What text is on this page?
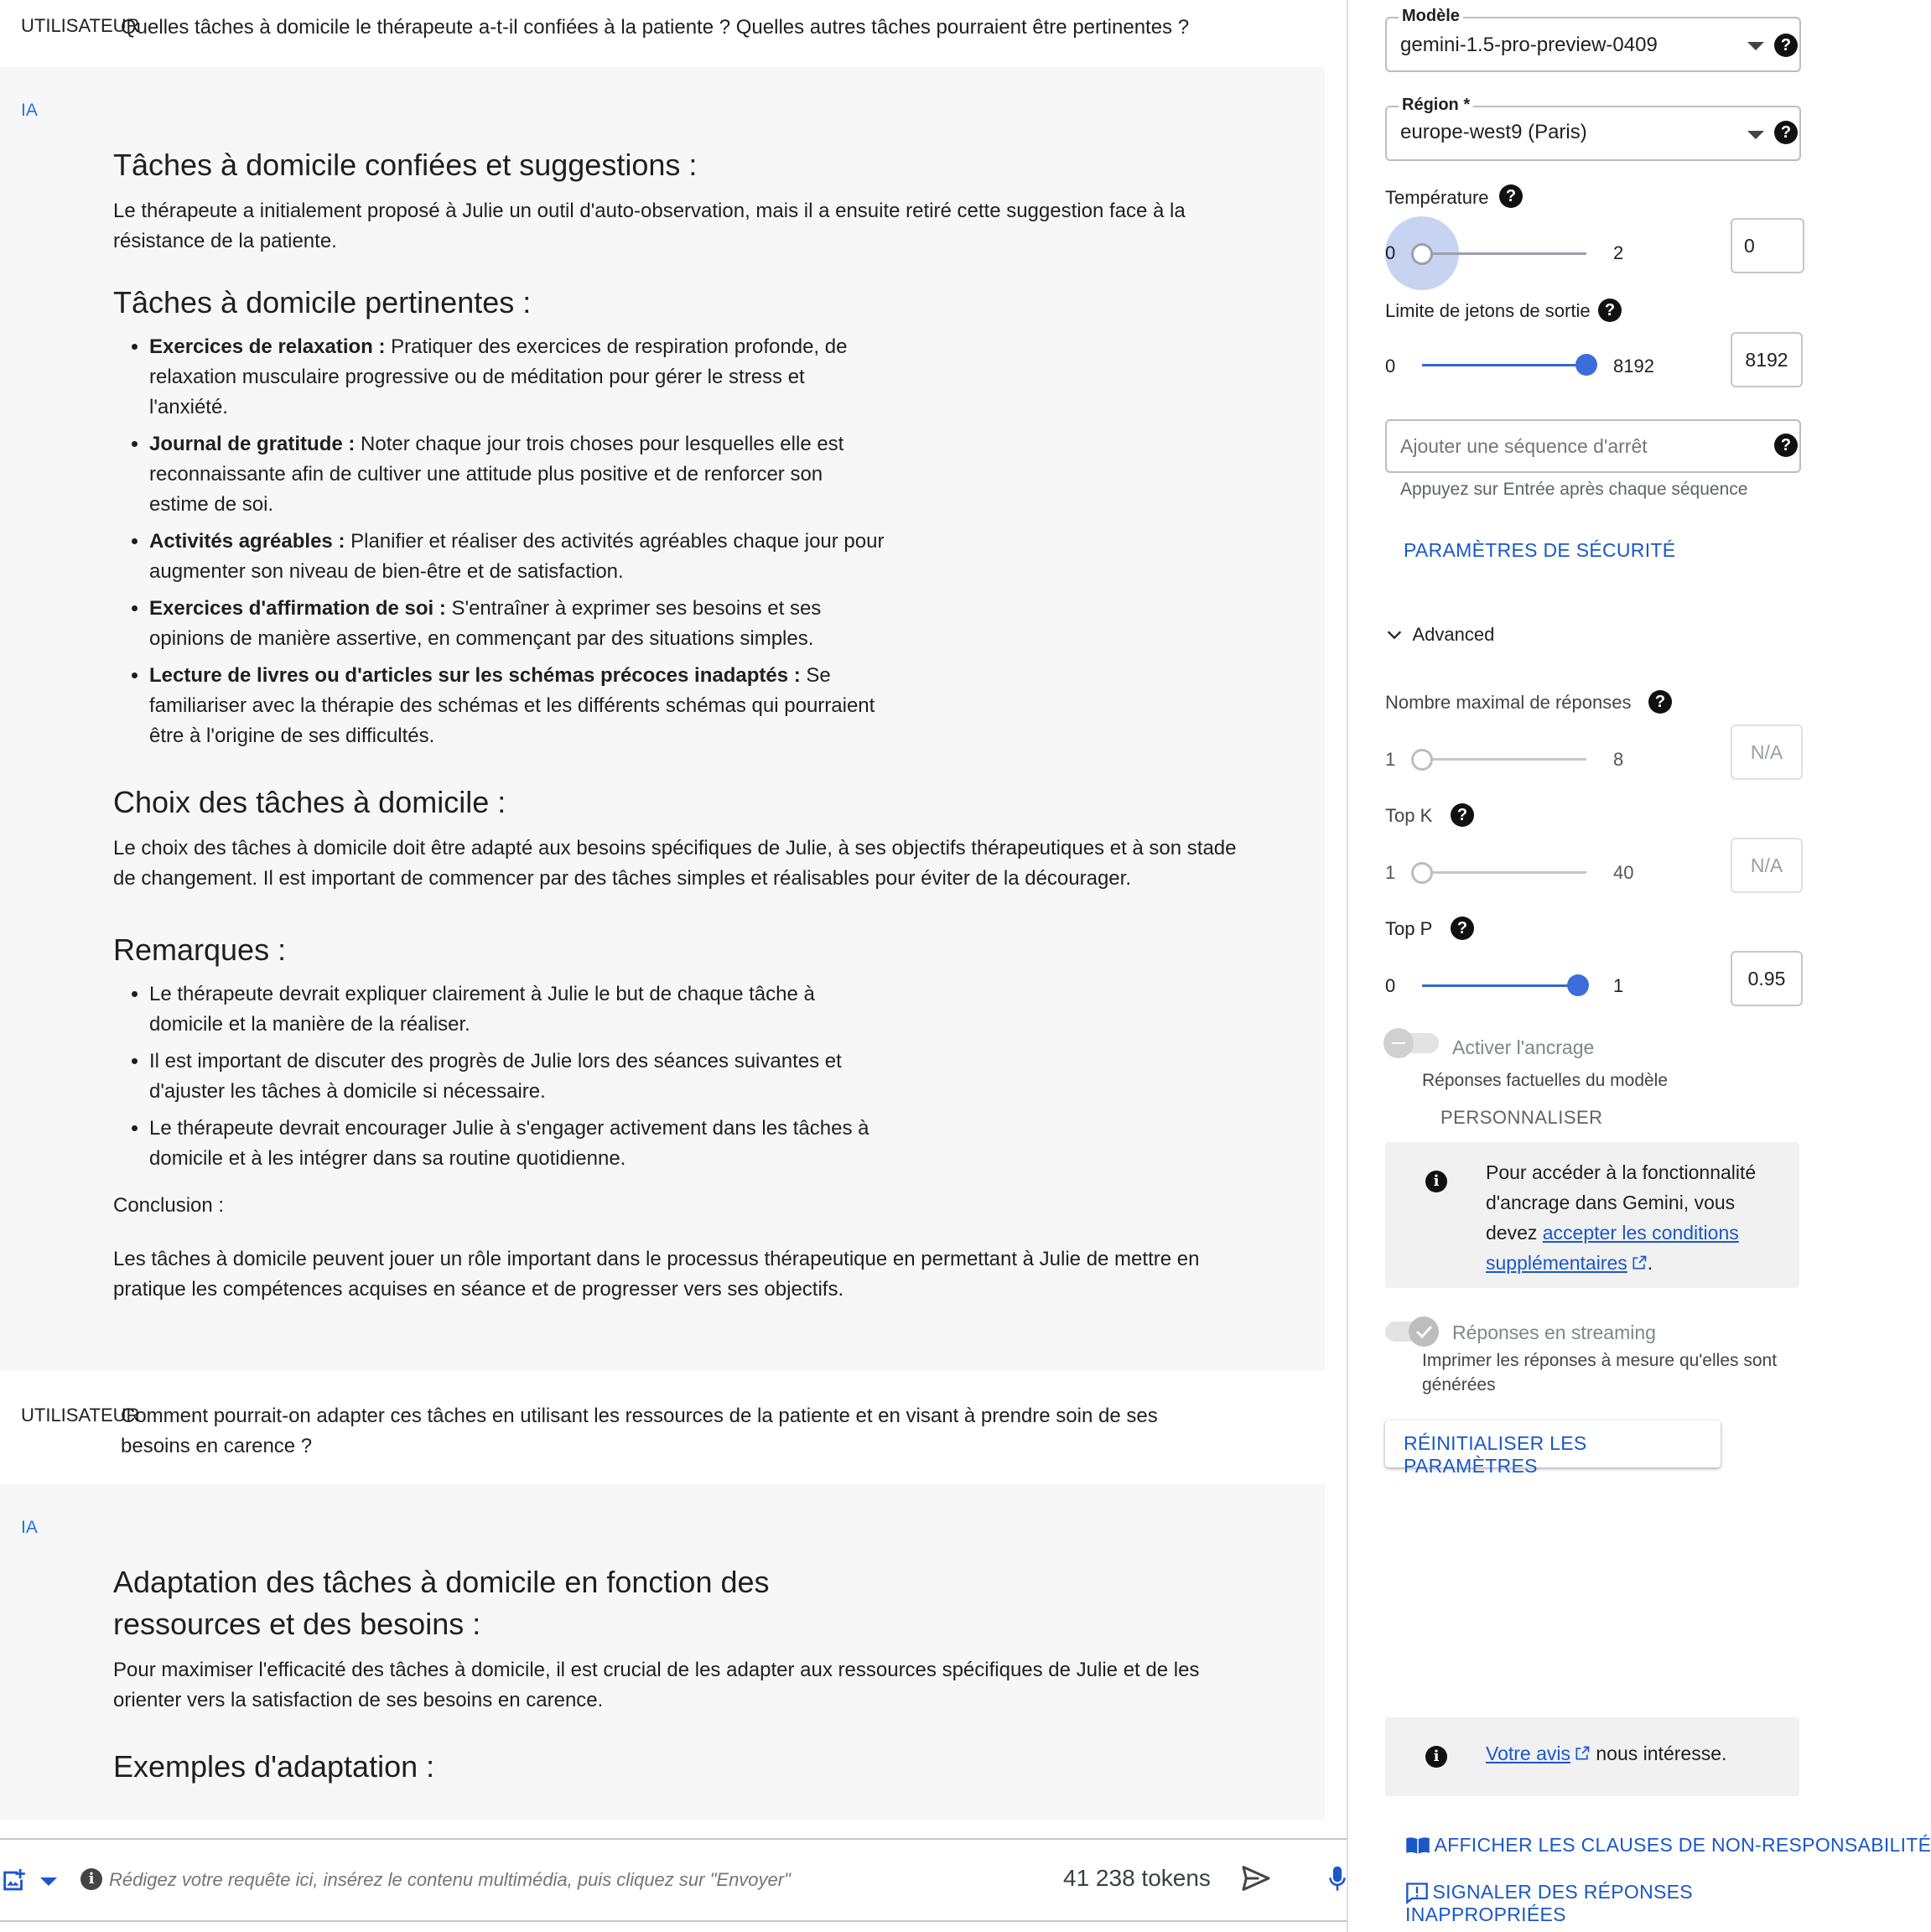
UTILISATEUR
Quelles tâches à domicile le thérapeute a-t-il confiées à la patiente ? Quelles autres tâches pourraient être pertinentes ?
IA
Tâches à domicile confiées et suggestions :

Le thérapeute a initialement proposé à Julie un outil d'auto-observation, mais il a ensuite retiré cette suggestion face à la résistance de la patiente.

Tâches à domicile pertinentes :
• Exercices de relaxation : Pratiquer des exercices de respiration profonde, de relaxation musculaire progressive ou de méditation pour gérer le stress et l'anxiété.
• Journal de gratitude : Noter chaque jour trois choses pour lesquelles elle est reconnaissante afin de cultiver une attitude plus positive et de renforcer son estime de soi.
• Activités agréables : Planifier et réaliser des activités agréables chaque jour pour augmenter son niveau de bien-être et de satisfaction.
• Exercices d'affirmation de soi : S'entraîner à exprimer ses besoins et ses opinions de manière assertive, en commençant par des situations simples.
• Lecture de livres ou d'articles sur les schémas précoces inadaptés : Se familiariser avec la thérapie des schémas et les différents schémas qui pourraient être à l'origine de ses difficultés.
Choix des tâches à domicile :

Le choix des tâches à domicile doit être adapté aux besoins spécifiques de Julie, à ses objectifs thérapeutiques et à son stade de changement. Il est important de commencer par des tâches simples et réalisables pour éviter de la décourager.

Remarques :
• Le thérapeute devrait expliquer clairement à Julie le but de chaque tâche à domicile et la manière de la réaliser.
• Il est important de discuter des progrès de Julie lors des séances suivantes et d'ajuster les tâches à domicile si nécessaire.
• Le thérapeute devrait encourager Julie à s'engager activement dans les tâches à domicile et à les intégrer dans sa routine quotidienne.

Conclusion :

Les tâches à domicile peuvent jouer un rôle important dans le processus thérapeutique en permettant à Julie de mettre en pratique les compétences acquises en séance et de progresser vers ses objectifs.

UTILISATEUR
Comment pourrait-on adapter ces tâches en utilisant les ressources de la patiente et en visant à prendre soin de ses besoins en carence ?
IA
Adaptation des tâches à domicile en fonction des ressources et des besoins :

Pour maximiser l'efficacité des tâches à domicile, il est crucial de les adapter aux ressources spécifiques de Julie et de les orienter vers la satisfaction de ses besoins en carence.

Exemples d'adaptation :
i
Rédigez votre requête ici, insérez le contenu multimédia, puis cliquez sur "Envoyer"	41 238 tokens
Modèle
gemini-1.5-pro-preview-0409	?
Région *
europe-west9 (Paris)	?
Température	?
0	2	0
Limite de jetons de sortie ?
0	8192	8192
Ajouter une séquence d'arrêt
?
Appuyez sur Entrée après chaque séquence
PARAMÈTRES DE SÉCURITÉ
Advanced
Nombre maximal de réponses	?
1	8	N/A
Top K	?
1	40	N/A
Top P	?
0	1	0.95
Activer l'ancrage
Réponses factuelles du modèle
PERSONNALISER
i	Pour accéder à la fonctionnalité d'ancrage dans Gemini, vous devez accepter les conditions supplémentaires .
Réponses en streaming
Imprimer les réponses à mesure qu'elles sont générées
RÉINITIALISER LES PARAMÈTRES
i	Votre avis nous intéresse.
AFFICHER LES CLAUSES DE NON-RESPONSABILITÉ
SIGNALER DES RÉPONSES INAPPROPRIÉES
